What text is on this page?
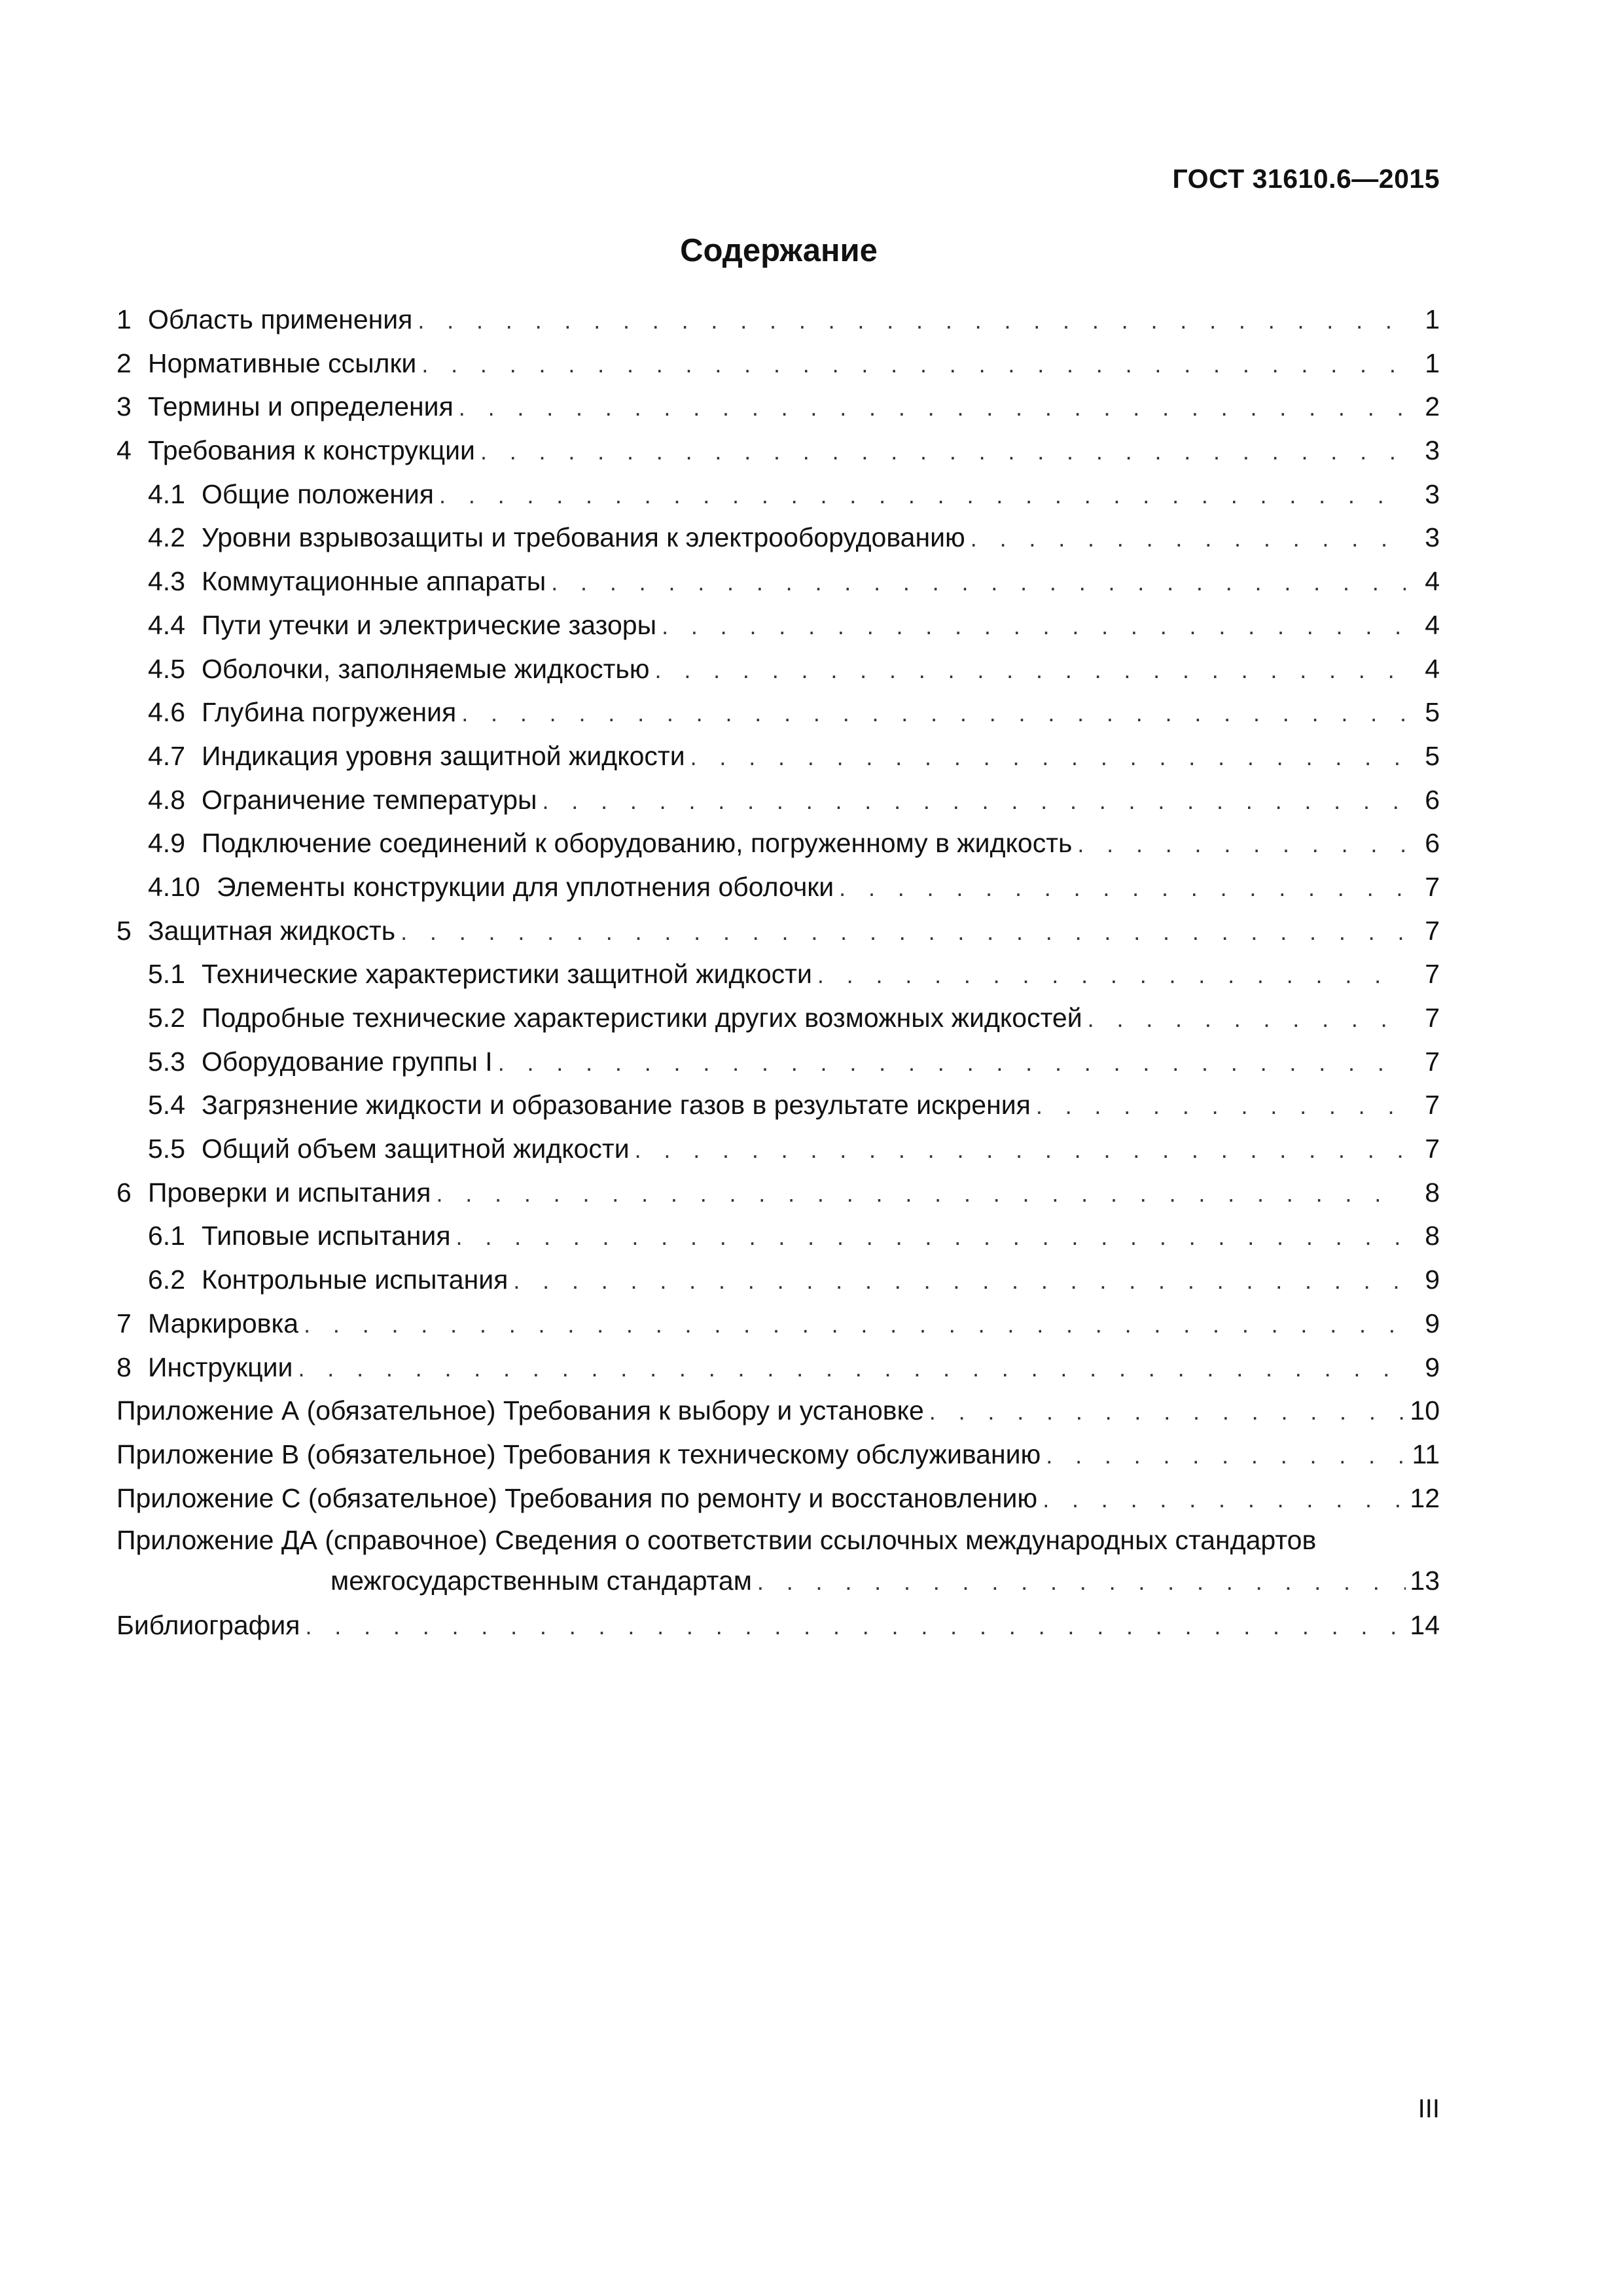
ГОСТ 31610.6—2015
Содержание
1 Область применения . . .	1
2 Нормативные ссылки . . .	1
3 Термины и определения . . .	2
4 Требования к конструкции . . .	3
4.1 Общие положения . . .	3
4.2 Уровни взрывозащиты и требования к электрооборудованию . . .	3
4.3 Коммутационные аппараты . . .	4
4.4 Пути утечки и электрические зазоры . . .	4
4.5 Оболочки, заполняемые жидкостью . . .	4
4.6 Глубина погружения . . .	5
4.7 Индикация уровня защитной жидкости . . .	5
4.8 Ограничение температуры . . .	6
4.9 Подключение соединений к оборудованию, погруженному в жидкость . . .	6
4.10 Элементы конструкции для уплотнения оболочки . . .	7
5 Защитная жидкость . . .	7
5.1 Технические характеристики защитной жидкости . . .	7
5.2 Подробные технические характеристики других возможных жидкостей . . .	7
5.3 Оборудование группы I . . .	7
5.4 Загрязнение жидкости и образование газов в результате искрения . . .	7
5.5 Общий объем защитной жидкости . . .	7
6 Проверки и испытания . . .	8
6.1 Типовые испытания . . .	8
6.2 Контрольные испытания . . .	9
7 Маркировка . . .	9
8 Инструкции . . .	9
Приложение А (обязательное) Требования к выбору и установке . . .	10
Приложение В (обязательное) Требования к техническому обслуживанию . . .	11
Приложение С (обязательное) Требования по ремонту и восстановлению . . .	12
Приложение ДА (справочное) Сведения о соответствии ссылочных международных стандартов
межгосударственным стандартам . . .	13
Библиография . . .	14
III
